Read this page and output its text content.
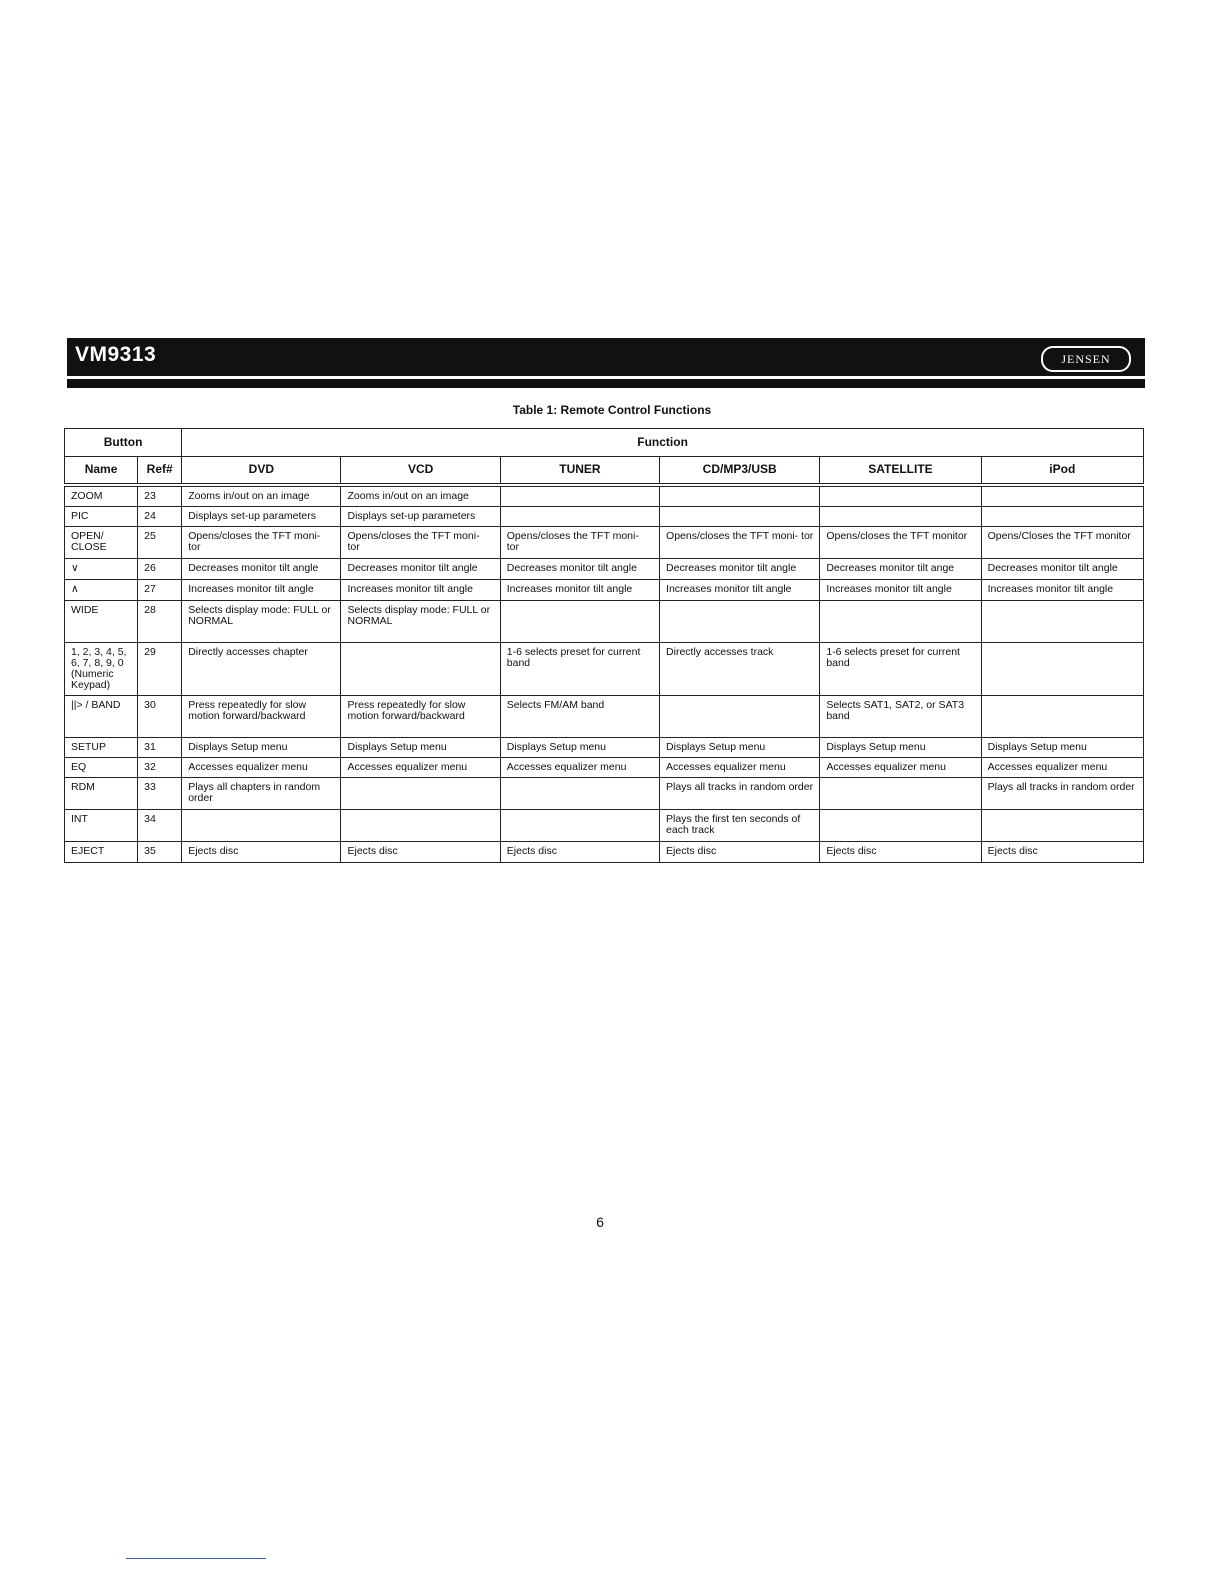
VM9313	JENSEN
Table 1: Remote Control Functions
Button		Function					
Name	Ref#	DVD	VCD	TUNER	CD/MP3/USB	SATELLITE	iPod
ZOOM	23	Zooms in/out on an image	Zooms in/out on an image				
PIC	24	Displays set-up parameters	Displays set-up parameters				
OPEN/ CLOSE	25	Opens/closes the TFT moni- tor	Opens/closes the TFT moni- tor	Opens/closes the TFT moni- tor	Opens/closes the TFT moni- tor	Opens/closes the TFT monitor	Opens/Closes the TFT monitor
∨	26	Decreases monitor tilt angle	Decreases monitor tilt angle	Decreases monitor tilt angle	Decreases monitor tilt angle	Decreases monitor tilt ange	Decreases monitor tilt angle
∧	27	Increases monitor tilt angle	Increases monitor tilt angle	Increases monitor tilt angle	Increases monitor tilt angle	Increases monitor tilt angle	Increases monitor tilt angle
WIDE	28	Selects display mode: FULL or NORMAL	Selects display mode: FULL or NORMAL				
1, 2, 3, 4, 5, 6, 7, 8, 9, 0 (Numeric Keypad)	29	Directly accesses chapter		1-6 selects preset for current band	Directly accesses track	1-6 selects preset for current band	
||> / BAND	30	Press repeatedly for slow motion forward/backward	Press repeatedly for slow motion forward/backward	Selects FM/AM band		Selects SAT1, SAT2, or SAT3 band	
SETUP	31	Displays Setup menu	Displays Setup menu	Displays Setup menu	Displays Setup menu	Displays Setup menu	Displays Setup menu
EQ	32	Accesses equalizer menu	Accesses equalizer menu	Accesses equalizer menu	Accesses equalizer menu	Accesses equalizer menu	Accesses equalizer menu
RDM	33	Plays all chapters in random order			Plays all tracks in random order		Plays all tracks in random order
INT	34				Plays the first ten seconds of each track		
EJECT	35	Ejects disc	Ejects disc	Ejects disc	Ejects disc	Ejects disc	Ejects disc
6
